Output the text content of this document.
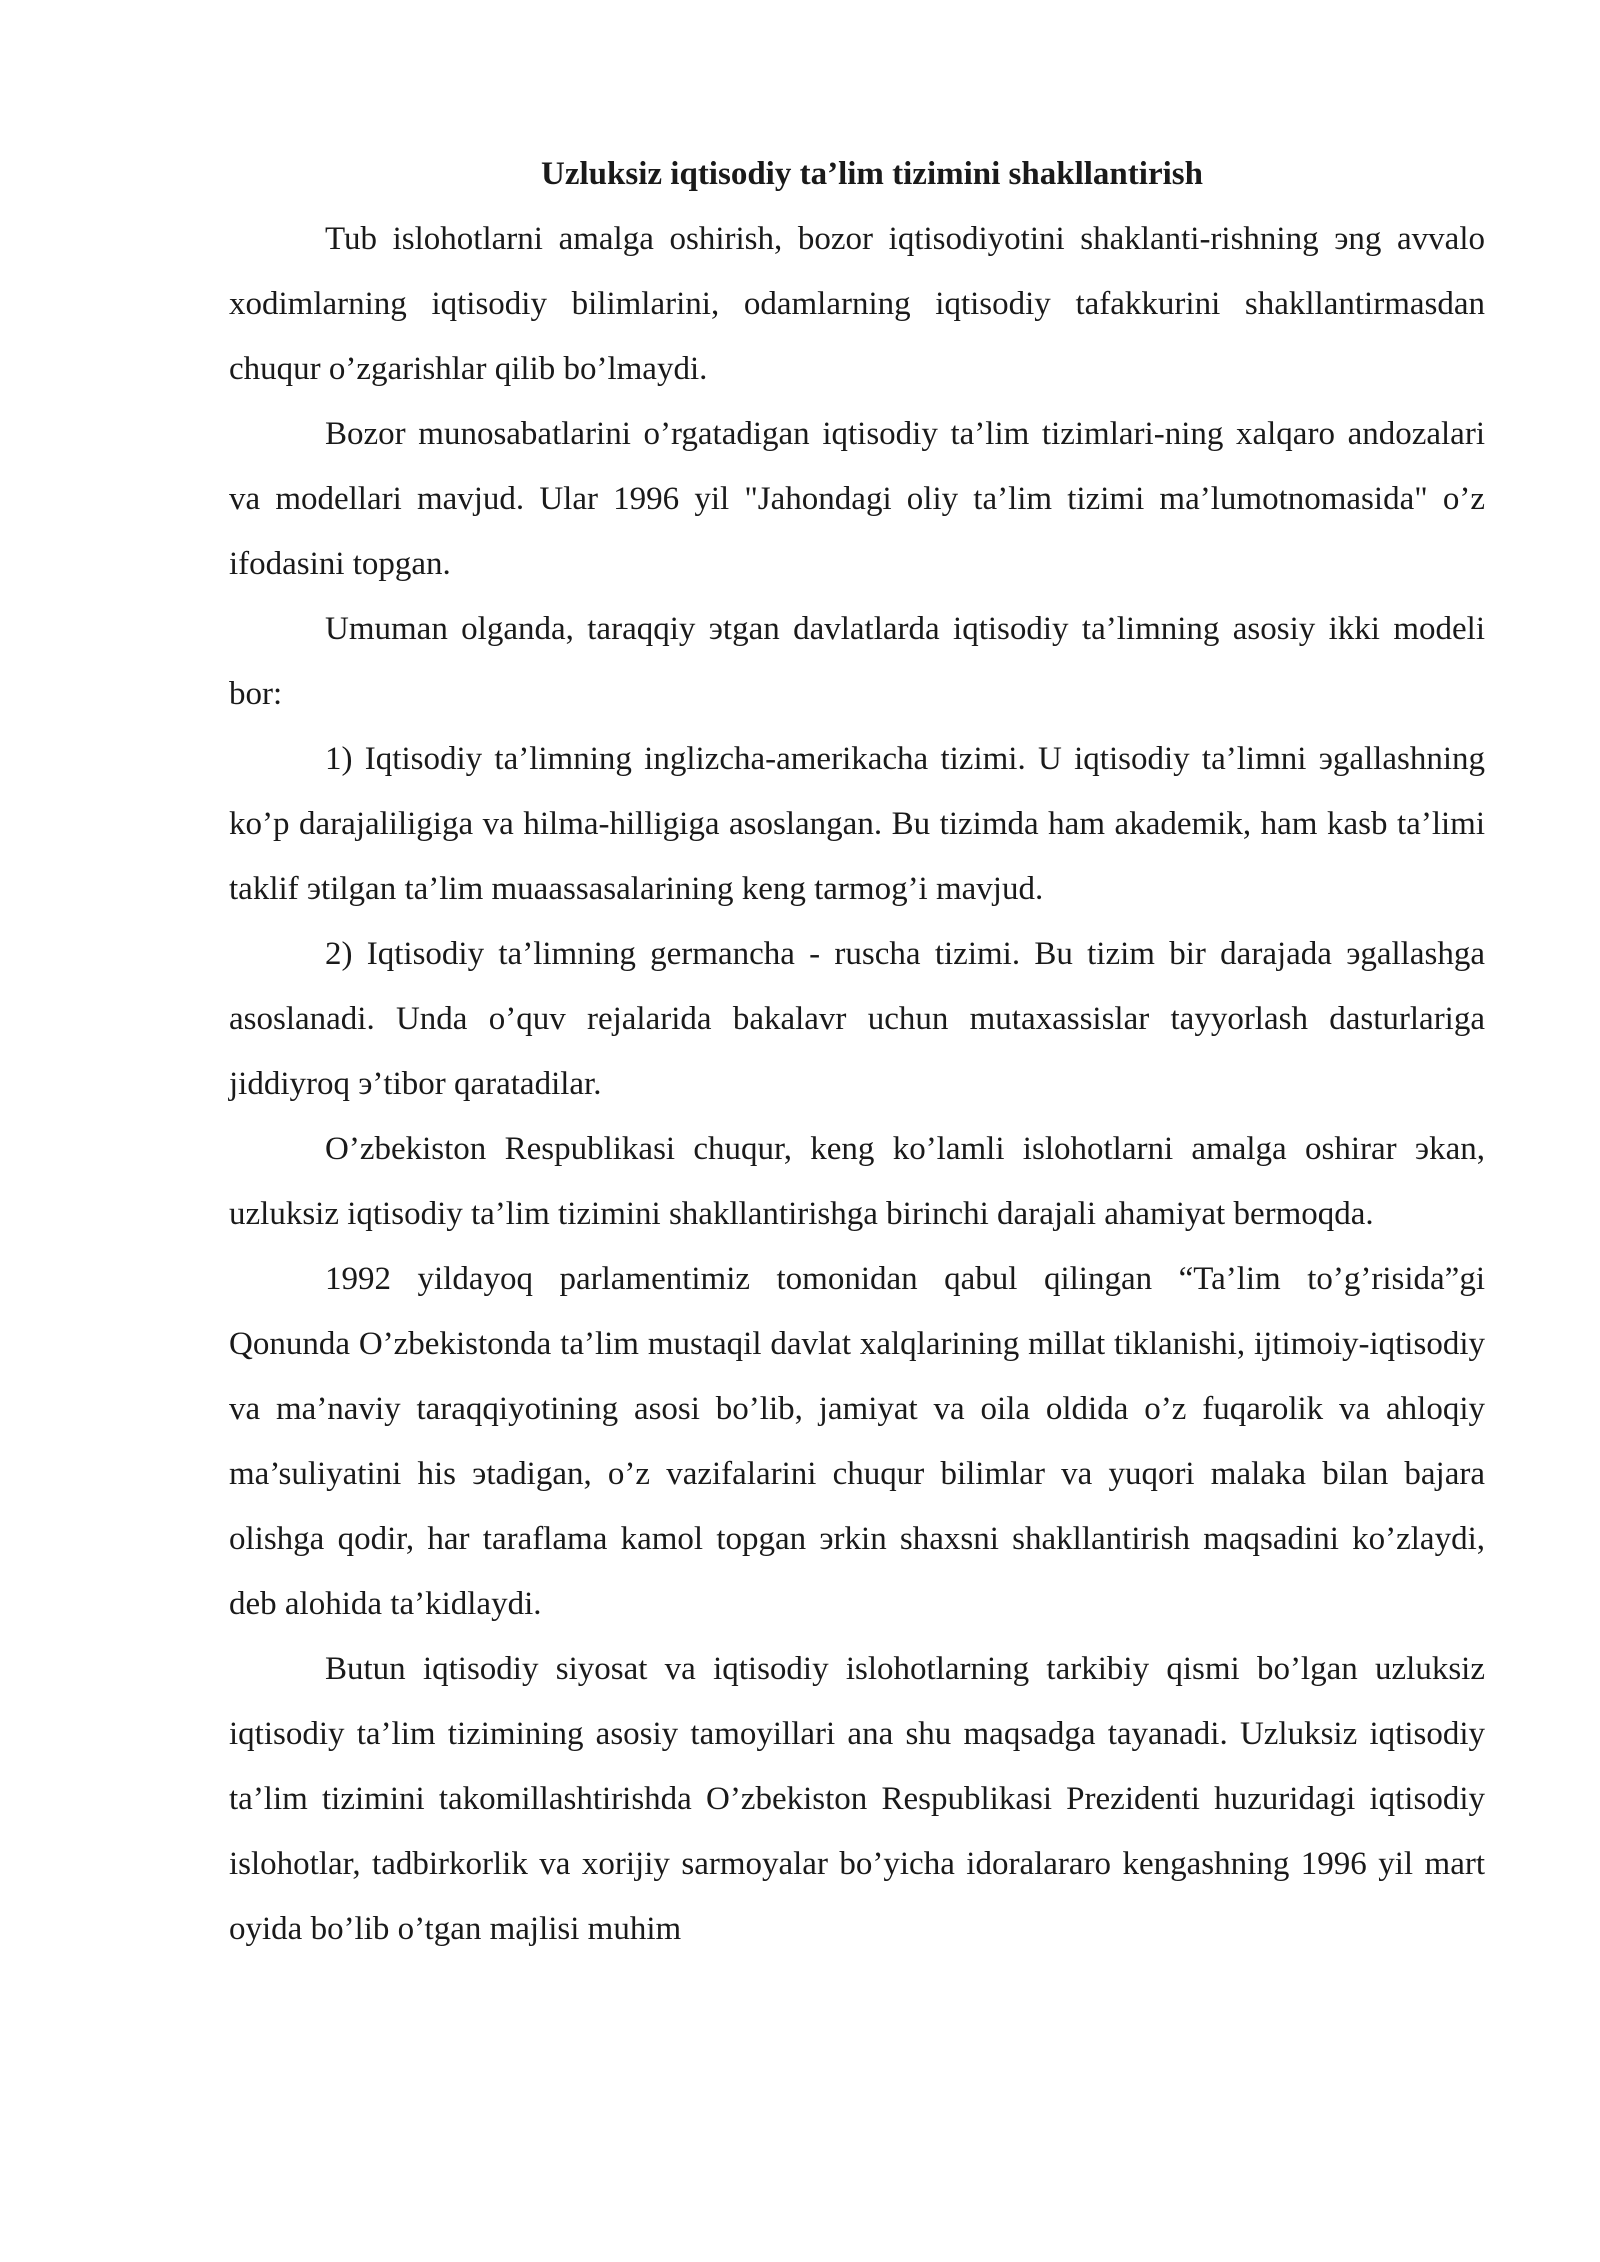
Uzluksiz iqtisodiy ta’lim tizimini shakllantirish

Tub islohotlarni amalga oshirish, bozor iqtisodiyotini shaklanti-rishning эng avvalo xodimlarning iqtisodiy bilimlarini, odamlarning iqtisodiy tafakkurini shakllantirmasdan chuqur o’zgarishlar qilib bo’lmaydi.

Bozor munosabatlarini o’rgatadigan iqtisodiy ta’lim tizimlari-ning xalqaro andozalari va modellari mavjud. Ular 1996 yil "Jahondagi oliy ta’lim tizimi ma’lumotnomasida" o’z ifodasini topgan.

Umuman olganda, taraqqiy эtgan davlatlarda iqtisodiy ta’limning asosiy ikki modeli bor:

1) Iqtisodiy ta’limning inglizcha-amerikacha tizimi. U iqtisodiy ta’limni эgallashning ko’p darajaliligiga va hilma-hilligiga asoslangan. Bu tizimda ham akademik, ham kasb ta’limi taklif эtilgan ta’lim muaassasalarining keng tarmog’i mavjud.

2) Iqtisodiy ta’limning germancha - ruscha tizimi. Bu tizim bir darajada эgallashga asoslanadi. Unda o’quv rejalarida bakalavr uchun mutaxassislar tayyorlash dasturlariga jiddiyroq э’tibor qaratadilar.

O’zbekiston Respublikasi chuqur, keng ko’lamli islohotlarni amalga oshirar эkan, uzluksiz iqtisodiy ta’lim tizimini shakllantirishga birinchi darajali ahamiyat bermoqda.

1992 yildayoq parlamentimiz tomonidan qabul qilingan “Ta’lim to’g’risida”gi Qonunda O’zbekistonda ta’lim mustaqil davlat xalqlarining millat tiklanishi, ijtimoiy-iqtisodiy va ma’naviy taraqqiyotining asosi bo’lib, jamiyat va oila oldida o’z fuqarolik va ahloqiy ma’suliyatini his эtadigan, o’z vazifalarini chuqur bilimlar va yuqori malaka bilan bajara olishga qodir, har taraflama kamol topgan эrkin shaxsni shakllantirish maqsadini ko’zlaydi, deb alohida ta’kidlaydi.

Butun iqtisodiy siyosat va iqtisodiy islohotlarning tarkibiy qismi bo’lgan uzluksiz iqtisodiy ta’lim tizimining asosiy tamoyillari ana shu maqsadga tayanadi. Uzluksiz iqtisodiy ta’lim tizimini takomillashtirishda O’zbekiston Respublikasi Prezidenti huzuridagi iqtisodiy islohotlar, tadbirkorlik va xorijiy sarmoyalar bo’yicha idoralararo kengashning 1996 yil mart oyida bo’lib o’tgan majlisi muhim
